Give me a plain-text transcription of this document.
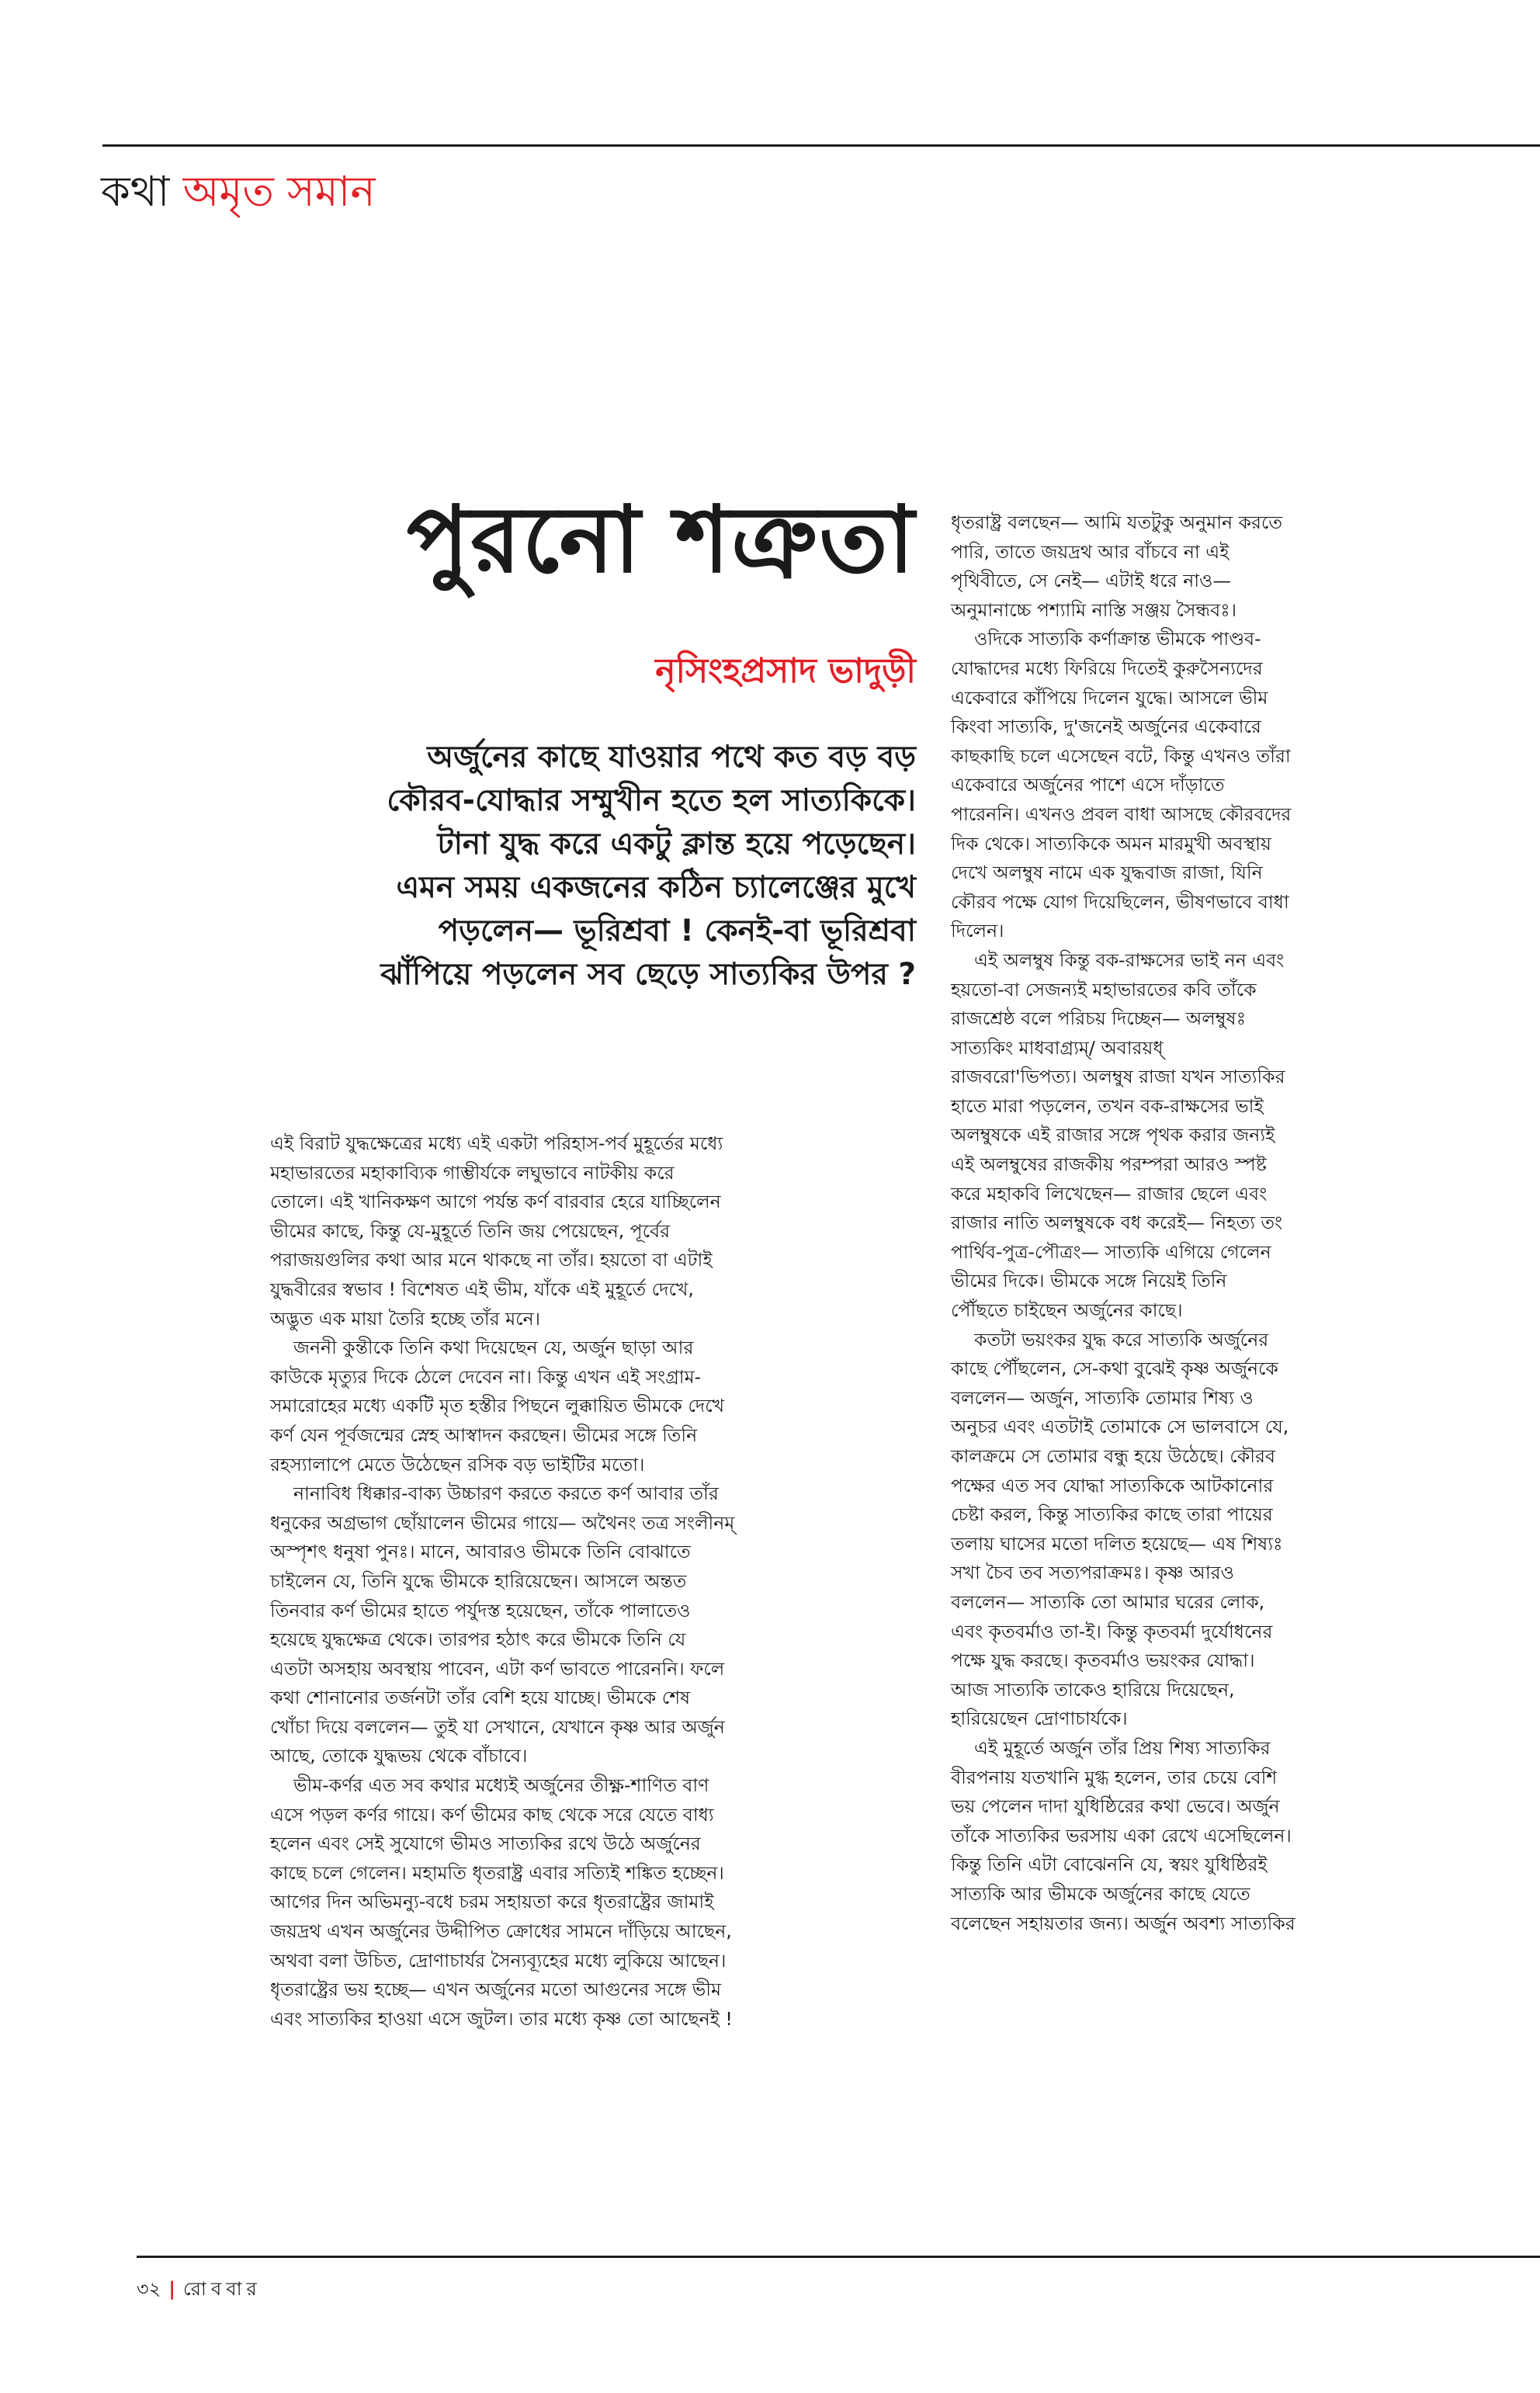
কথা অমৃত সমান
পুরনো শত্রুতা
নৃসিংহপ্রসাদ ভাদুড়ী
অর্জুনের কাছে যাওয়ার পথে কত বড় বড়
কৌরব-যোদ্ধার সম্মুখীন হতে হল সাত্যকিকে।
টানা যুদ্ধ করে একটু ক্লান্ত হয়ে পড়েছেন।
এমন সময় একজনের কঠিন চ্যালেঞ্জের মুখে
পড়লেন— ভূরিশ্রবা ! কেনই-বা ভূরিশ্রবা
ঝাঁপিয়ে পড়লেন সব ছেড়ে সাত্যকির উপর ?
এই বিরাট যুদ্ধক্ষেত্রের মধ্যে এই একটা পরিহাস-পর্ব মুহূর্তের মধ্যে
মহাভারতের মহাকাব্যিক গাম্ভীর্যকে লঘুভাবে নাটকীয় করে
তোলে। এই খানিকক্ষণ আগে পর্যন্ত কর্ণ বারবার হেরে যাচ্ছিলেন
ভীমের কাছে, কিন্তু যে-মুহূর্তে তিনি জয় পেয়েছেন, পূর্বের
পরাজয়গুলির কথা আর মনে থাকছে না তাঁর। হয়তো বা এটাই
যুদ্ধবীরের স্বভাব ! বিশেষত এই ভীম, যাঁকে এই মুহূর্তে দেখে,
অদ্ভুত এক মায়া তৈরি হচ্ছে তাঁর মনে।
জননী কুন্তীকে তিনি কথা দিয়েছেন যে, অর্জুন ছাড়া আর
কাউকে মৃত্যুর দিকে ঠেলে দেবেন না। কিন্তু এখন এই সংগ্রাম-
সমারোহের মধ্যে একটি মৃত হস্তীর পিছনে লুক্কায়িত ভীমকে দেখে
কর্ণ যেন পূর্বজন্মের স্নেহ আস্বাদন করছেন। ভীমের সঙ্গে তিনি
রহস্যালাপে মেতে উঠেছেন রসিক বড় ভাইটির মতো।
নানাবিধ ধিক্কার-বাক্য উচ্চারণ করতে করতে কর্ণ আবার তাঁর
ধনুকের অগ্রভাগ ছোঁয়ালেন ভীমের গায়ে— অথৈনং তত্র সংলীনম্
অস্পৃশৎ ধনুষা পুনঃ। মানে, আবারও ভীমকে তিনি বোঝাতে
চাইলেন যে, তিনি যুদ্ধে ভীমকে হারিয়েছেন। আসলে অন্তত
তিনবার কর্ণ ভীমের হাতে পর্যুদস্ত হয়েছেন, তাঁকে পালাতেও
হয়েছে যুদ্ধক্ষেত্র থেকে। তারপর হঠাৎ করে ভীমকে তিনি যে
এতটা অসহায় অবস্থায় পাবেন, এটা কর্ণ ভাবতে পারেননি। ফলে
কথা শোনানোর তর্জনটা তাঁর বেশি হয়ে যাচ্ছে। ভীমকে শেষ
খোঁচা দিয়ে বললেন— তুই যা সেখানে, যেখানে কৃষ্ণ আর অর্জুন
আছে, তোকে যুদ্ধভয় থেকে বাঁচাবে।
ভীম-কর্ণর এত সব কথার মধ্যেই অর্জুনের তীক্ষ্ণ-শাণিত বাণ
এসে পড়ল কর্ণর গায়ে। কর্ণ ভীমের কাছ থেকে সরে যেতে বাধ্য
হলেন এবং সেই সুযোগে ভীমও সাত্যকির রথে উঠে অর্জুনের
কাছে চলে গেলেন। মহামতি ধৃতরাষ্ট্র এবার সত্যিই শঙ্কিত হচ্ছেন।
আগের দিন অভিমন্যু-বধে চরম সহায়তা করে ধৃতরাষ্ট্রের জামাই
জয়দ্রথ এখন অর্জুনের উদ্দীপিত ক্রোধের সামনে দাঁড়িয়ে আছেন,
অথবা বলা উচিত, দ্রোণাচার্যর সৈন্যব্যূহের মধ্যে লুকিয়ে আছেন।
ধৃতরাষ্ট্রের ভয় হচ্ছে— এখন অর্জুনের মতো আগুনের সঙ্গে ভীম
এবং সাত্যকির হাওয়া এসে জুটল। তার মধ্যে কৃষ্ণ তো আছেনই !
ধৃতরাষ্ট্র বলছেন— আমি যতটুকু অনুমান করতে
পারি, তাতে জয়দ্রথ আর বাঁচবে না এই
পৃথিবীতে, সে নেই— এটাই ধরে নাও—
অনুমানাচ্চে পশ্যামি নাস্তি সঞ্জয় সৈন্ধবঃ।
ওদিকে সাত্যকি কর্ণাক্রান্ত ভীমকে পাণ্ডব-
যোদ্ধাদের মধ্যে ফিরিয়ে দিতেই কুরুসৈন্যদের
একেবারে কাঁপিয়ে দিলেন যুদ্ধে। আসলে ভীম
কিংবা সাত্যকি, দু'জনেই অর্জুনের একেবারে
কাছকাছি চলে এসেছেন বটে, কিন্তু এখনও তাঁরা
একেবারে অর্জুনের পাশে এসে দাঁড়াতে
পারেননি। এখনও প্রবল বাধা আসছে কৌরবদের
দিক থেকে। সাত্যকিকে অমন মারমুখী অবস্থায়
দেখে অলম্বুষ নামে এক যুদ্ধবাজ রাজা, যিনি
কৌরব পক্ষে যোগ দিয়েছিলেন, ভীষণভাবে বাধা
দিলেন।
এই অলম্বুষ কিন্তু বক-রাক্ষসের ভাই নন এবং
হয়তো-বা সেজন্যই মহাভারতের কবি তাঁকে
রাজশ্রেষ্ঠ বলে পরিচয় দিচ্ছেন— অলম্বুষঃ
সাত্যকিং মাধবাগ্র্যম্/ অবারয়ধ্
রাজবরো'ভিপত্য। অলম্বুষ রাজা যখন সাত্যকির
হাতে মারা পড়লেন, তখন বক-রাক্ষসের ভাই
অলম্বুষকে এই রাজার সঙ্গে পৃথক করার জন্যই
এই অলম্বুষের রাজকীয় পরম্পরা আরও স্পষ্ট
করে মহাকবি লিখেছেন— রাজার ছেলে এবং
রাজার নাতি অলম্বুষকে বধ করেই— নিহত্য তং
পার্থিব-পুত্র-পৌত্রং— সাত্যকি এগিয়ে গেলেন
ভীমের দিকে। ভীমকে সঙ্গে নিয়েই তিনি
পৌঁছতে চাইছেন অর্জুনের কাছে।
কতটা ভয়ংকর যুদ্ধ করে সাত্যকি অর্জুনের
কাছে পৌঁছলেন, সে-কথা বুঝেই কৃষ্ণ অর্জুনকে
বললেন— অর্জুন, সাত্যকি তোমার শিষ্য ও
অনুচর এবং এতটাই তোমাকে সে ভালবাসে যে,
কালক্রমে সে তোমার বন্ধু হয়ে উঠেছে। কৌরব
পক্ষের এত সব যোদ্ধা সাত্যকিকে আটকানোর
চেষ্টা করল, কিন্তু সাত্যকির কাছে তারা পায়ের
তলায় ঘাসের মতো দলিত হয়েছে— এষ শিষ্যঃ
সখা চৈব তব সত্যপরাক্রমঃ। কৃষ্ণ আরও
বললেন— সাত্যকি তো আমার ঘরের লোক,
এবং কৃতবর্মাও তা-ই। কিন্তু কৃতবর্মা দুর্যোধনের
পক্ষে যুদ্ধ করছে। কৃতবর্মাও ভয়ংকর যোদ্ধা।
আজ সাত্যকি তাকেও হারিয়ে দিয়েছেন,
হারিয়েছেন দ্রোণাচার্যকে।
এই মুহূর্তে অর্জুন তাঁর প্রিয় শিষ্য সাত্যকির
বীরপনায় যতখানি মুগ্ধ হলেন, তার চেয়ে বেশি
ভয় পেলেন দাদা যুধিষ্ঠিরের কথা ভেবে। অর্জুন
তাঁকে সাত্যকির ভরসায় একা রেখে এসেছিলেন।
কিন্তু তিনি এটা বোঝেননি যে, স্বয়ং যুধিষ্ঠিরই
সাত্যকি আর ভীমকে অর্জুনের কাছে যেতে
বলেছেন সহায়তার জন্য। অর্জুন অবশ্য সাত্যকির
৩২ | রোববার
